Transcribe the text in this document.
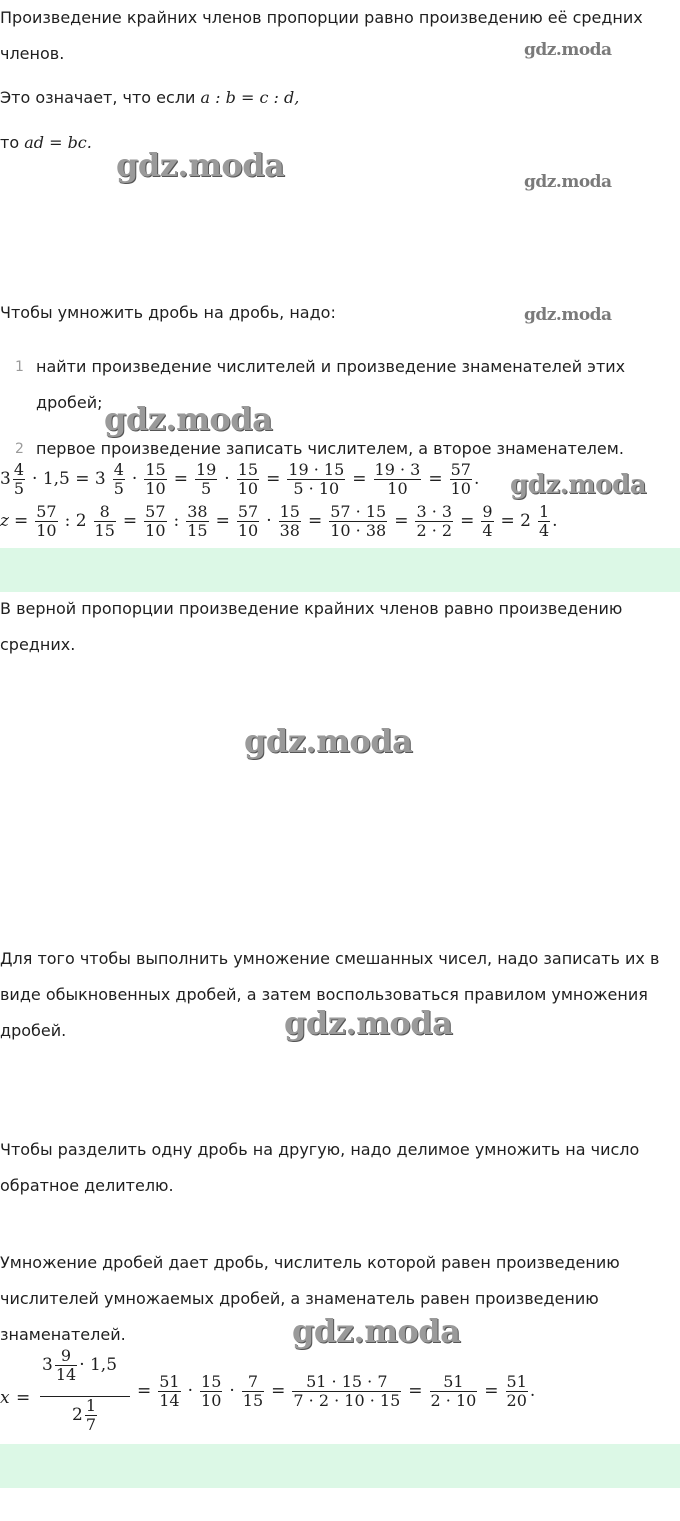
Произведение крайних членов пропорции равно произведению её средних
членов.	gdz.moda
Это означает, что если a : b = c : d,
то ad = bc.
gdz.moda	gdz.moda
Чтобы умножить дробь на дробь, надо:	gdz.moda
1 найти произведение числителей и произведение знаменателей этих
дробей; gdz.moda
2 первое произведение записать числителем, а второе знаменателем.
$3 \frac{4}{5} \cdot 1,5 = 3 \frac{4}{5} \cdot \frac{15}{10} = \frac{19}{5} \cdot \frac{15}{10} = \frac{19 \cdot 15}{5 \cdot 10} = \frac{19 \cdot 3}{10} = \frac{57}{10}$ . gdz.moda
$z = \frac{57}{10}$ : $2 \frac{8}{15} = \frac{57}{10}$ : $\frac{38}{15} = \frac{57}{10} \cdot \frac{15}{38} = \frac{57 \cdot 15}{10 \cdot 38} = \frac{3 \cdot 3}{2 \cdot 2} = \frac{9}{4} = 2 \frac{1}{4}$ .
В верной пропорции произведение крайних членов равно произведению
средних.
gdz.moda
Для того чтобы выполнить умножение смешанных чисел, надо записать их в
виде обыкновенных дробей, а затем воспользоваться правилом умножения
дробей.	gdz.moda
Чтобы разделить одну дробь на другую, надо делимое умножить на число
обратное делителю.
Умножение дробей дает дробь, числитель которой равен произведению
числителей умножаемых дробей, а знаменатель равен произведению
знаменателей.	gdz.moda
x =
$3 \frac{9}{14} \cdot 1,5$
$2 \frac{1}{7}$
= $\frac{51}{14} \cdot \frac{15}{10} \cdot \frac{7}{15} = \frac{51 \cdot 15 \cdot 7}{7 \cdot 2 \cdot 10 \cdot 15} = \frac{51}{2 \cdot 10} = \frac{51}{20}$ .
